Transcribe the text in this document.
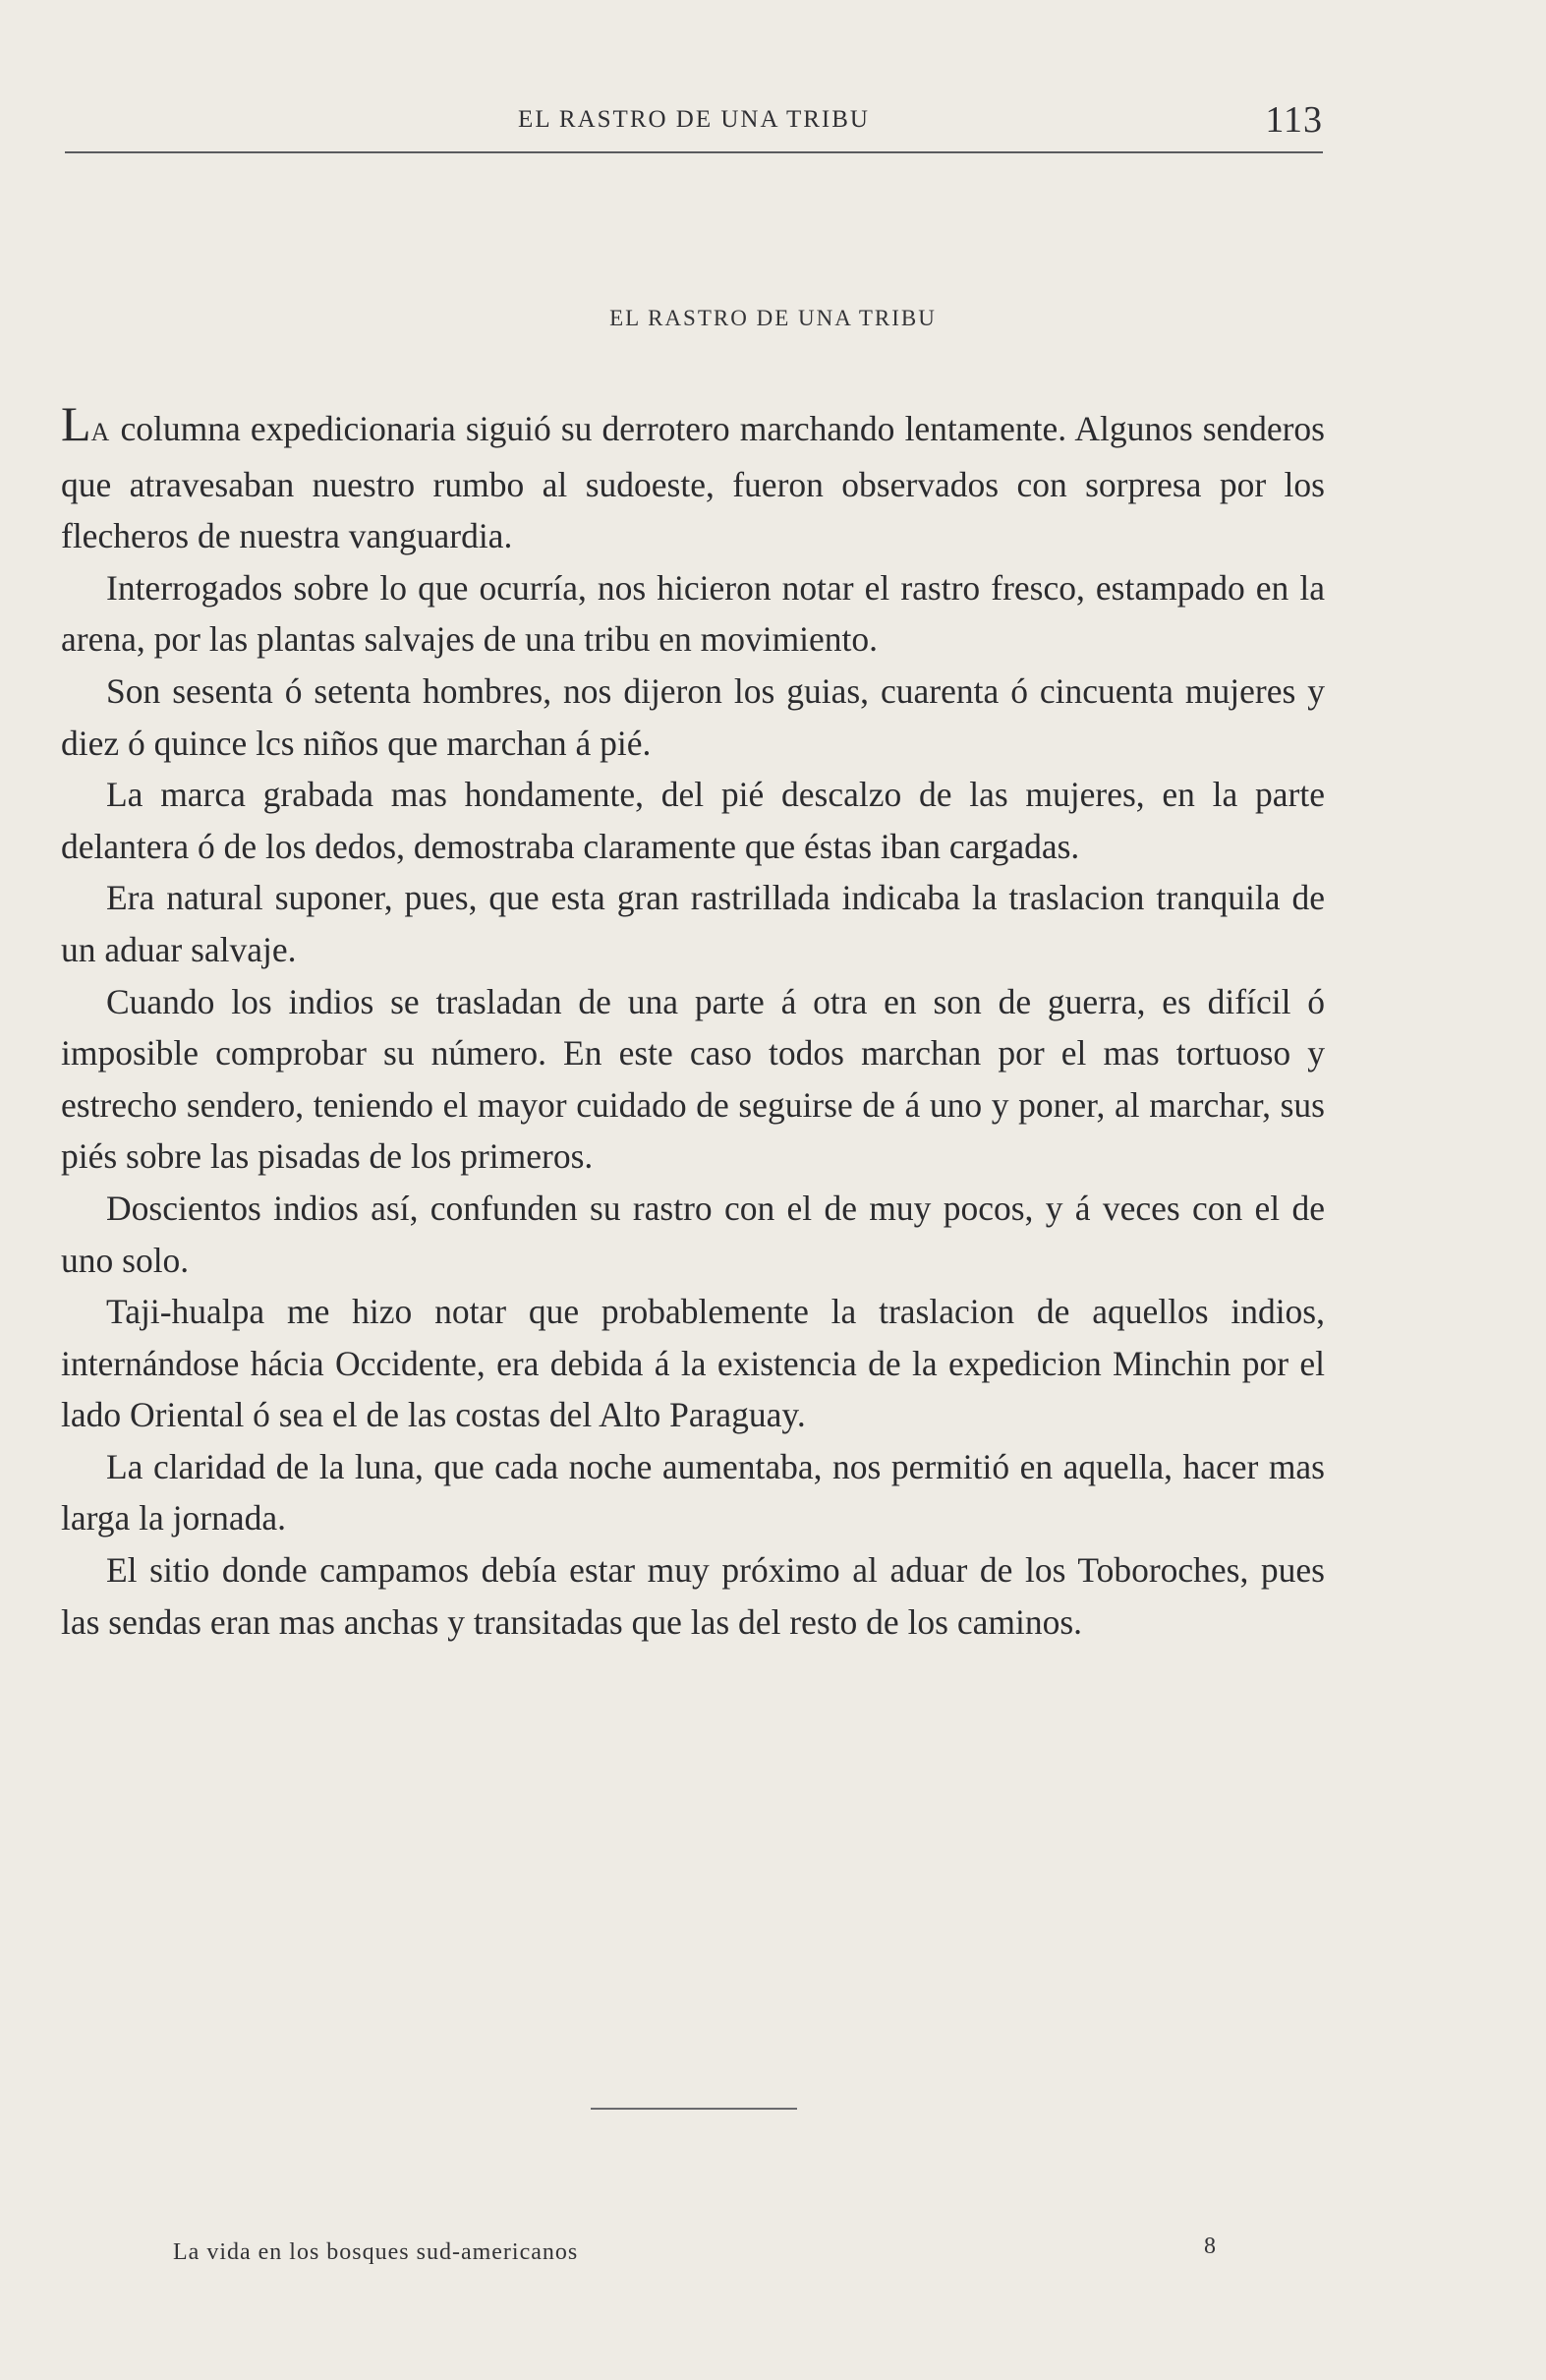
EL RASTRO DE UNA TRIBU	113
EL RASTRO DE UNA TRIBU

LA columna expedicionaria siguió su derrotero marchando lentamente. Algunos senderos que atravesaban nuestro rumbo al sudoeste, fueron observados con sorpresa por los flecheros de nuestra vanguardia.

Interrogados sobre lo que ocurría, nos hicieron notar el rastro fresco, estampado en la arena, por las plantas salvajes de una tribu en movimiento.

Son sesenta ó setenta hombres, nos dijeron los guias, cuarenta ó cincuenta mujeres y diez ó quince lcs niños que marchan á pié.

La marca grabada mas hondamente, del pié descalzo de las mujeres, en la parte delantera ó de los dedos, demostraba claramente que éstas iban cargadas.

Era natural suponer, pues, que esta gran rastrillada indicaba la traslacion tranquila de un aduar salvaje.

Cuando los indios se trasladan de una parte á otra en son de guerra, es difícil ó imposible comprobar su número. En este caso todos marchan por el mas tortuoso y estrecho sendero, teniendo el mayor cuidado de seguirse de á uno y poner, al marchar, sus piés sobre las pisadas de los primeros.

Doscientos indios así, confunden su rastro con el de muy pocos, y á veces con el de uno solo.

Taji-hualpa me hizo notar que probablemente la traslacion de aquellos indios, internándose hácia Occidente, era debida á la existencia de la expedicion Minchin por el lado Oriental ó sea el de las costas del Alto Paraguay.

La claridad de la luna, que cada noche aumentaba, nos permitió en aquella, hacer mas larga la jornada.

El sitio donde campamos debía estar muy próximo al aduar de los Toboroches, pues las sendas eran mas anchas y transitadas que las del resto de los caminos.

La vida en los bosques sud-americanos	8
